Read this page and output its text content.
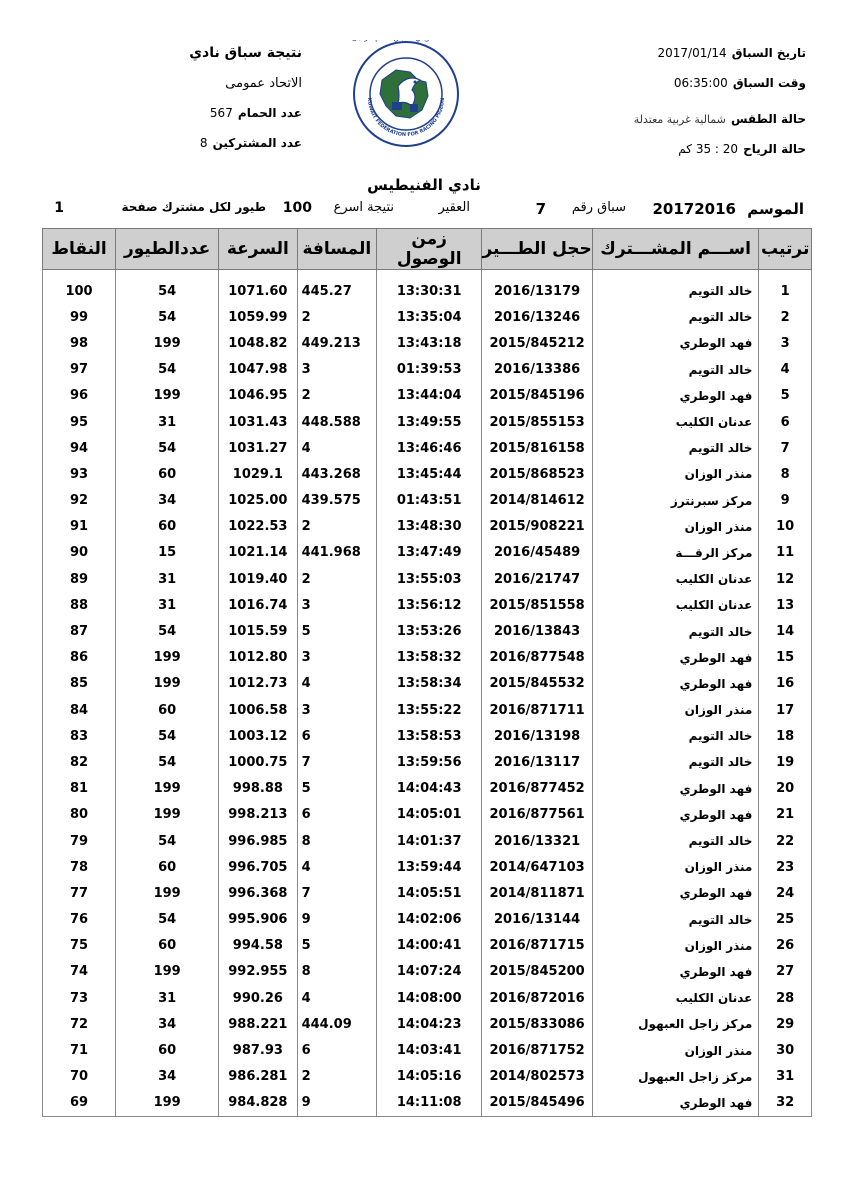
تاريخ السباق 2017/01/14
وقت السباق 06:35:00
حالة الطقس شمالية غربية معتدلة
حالة الرياح 20 : 35 كم
نتيجة سباق نادي
الاتحاد عمومى
عدد الحمام 567
عدد المشتركين 8
KUWAIT FEDERATION FOR RACING PIGEON
نادي الفنيطيس
الموسم
20172016
سباق رقم
7
العقير
نتيجة اسرع
100
طيور لكل مشترك صفحة
1
ترتيب	اســـم المشـــترك	حجل الطـــير	زمن الوصول	المسافة	السرعة	عددالطيور	النقاط

1	خالد التويم	2016/13179	13:30:31	445.27	1071.60	54	100
2	خالد التويم	2016/13246	13:35:04	2	1059.99	54	99
3	فهد الوطري	2015/845212	13:43:18	449.213	1048.82	199	98
4	خالد التويم	2016/13386	01:39:53	3	1047.98	54	97
5	فهد الوطري	2015/845196	13:44:04	2	1046.95	199	96
6	عدنان الكليب	2015/855153	13:49:55	448.588	1031.43	31	95
7	خالد التويم	2015/816158	13:46:46	4	1031.27	54	94
8	منذر الوزان	2015/868523	13:45:44	443.268	1029.1	60	93
9	مركز سبرنترز	2014/814612	01:43:51	439.575	1025.00	34	92
10	منذر الوزان	2015/908221	13:48:30	2	1022.53	60	91
11	مركز الرقـــة	2016/45489	13:47:49	441.968	1021.14	15	90
12	عدنان الكليب	2016/21747	13:55:03	2	1019.40	31	89
13	عدنان الكليب	2015/851558	13:56:12	3	1016.74	31	88
14	خالد التويم	2016/13843	13:53:26	5	1015.59	54	87
15	فهد الوطري	2016/877548	13:58:32	3	1012.80	199	86
16	فهد الوطري	2015/845532	13:58:34	4	1012.73	199	85
17	منذر الوزان	2016/871711	13:55:22	3	1006.58	60	84
18	خالد التويم	2016/13198	13:58:53	6	1003.12	54	83
19	خالد التويم	2016/13117	13:59:56	7	1000.75	54	82
20	فهد الوطري	2016/877452	14:04:43	5	998.88	199	81
21	فهد الوطري	2016/877561	14:05:01	6	998.213	199	80
22	خالد التويم	2016/13321	14:01:37	8	996.985	54	79
23	منذر الوزان	2014/647103	13:59:44	4	996.705	60	78
24	فهد الوطري	2014/811871	14:05:51	7	996.368	199	77
25	خالد التويم	2016/13144	14:02:06	9	995.906	54	76
26	منذر الوزان	2016/871715	14:00:41	5	994.58	60	75
27	فهد الوطري	2015/845200	14:07:24	8	992.955	199	74
28	عدنان الكليب	2016/872016	14:08:00	4	990.26	31	73
29	مركز زاجل العبهول	2015/833086	14:04:23	444.09	988.221	34	72
30	منذر الوزان	2016/871752	14:03:41	6	987.93	60	71
31	مركز زاجل العبهول	2014/802573	14:05:16	2	986.281	34	70
32	فهد الوطري	2015/845496	14:11:08	9	984.828	199	69
